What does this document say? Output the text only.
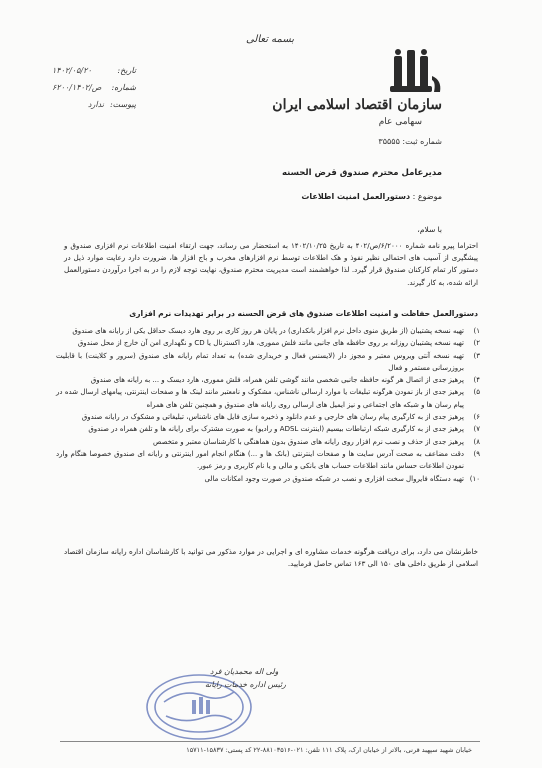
بسمه تعالی
سازمان اقتصاد اسلامی ایران
سهامی عام
شماره ثبت: ۳۵۵۵۵
تاریخ:
۱۴۰۲/۰۵/۲۰
شماره:
۶۲۰۰/ص/۱۴۰۲
پیوست:
ندارد
مدیرعامل محترم صندوق قرض الحسنه
موضوع : دستورالعمل امنیت اطلاعات
با سلام،
احتراما پیرو نامه شماره ۶/۲۰۰۰/ص/۴۰۲ به تاریخ ۱۴۰۲/۱۰/۲۵ به استحضار می رساند، جهت ارتقاء امنیت اطلاعات نرم افزاری صندوق و پیشگیری از آسیب های احتمالی نظیر نفوذ و هک اطلاعات توسط نرم افزارهای مخرب و باج افزار ها، ضرورت دارد رعایت موارد ذیل در دستور کار تمام کارکنان صندوق قرار گیرد. لذا خواهشمند است مدیریت محترم صندوق، نهایت توجه لازم را در به اجرا درآوردن دستورالعمل ارائه شده، به کار گیرند.
دستورالعمل حفاظت و امنیت اطلاعات صندوق های قرض الحسنه در برابر تهدیدات نرم افزاری
۱)
تهیه نسخه پشتیبان (از طریق منوی داخل نرم افزار بانکداری) در پایان هر روز کاری بر روی هارد دیسک حداقل یکی از رایانه های صندوق
۲)
تهیه نسخه پشتیبان روزانه بر روی حافظه های جانبی مانند فلش مموری، هارد اکسترنال یا CD و نگهداری امن آن خارج از محل صندوق
۳)
تهیه نسخه آنتی ویروس معتبر و مجوز دار (لایسنس فعال و خریداری شده) به تعداد تمام رایانه های صندوق (سرور و کلاینت) با قابلیت بروزرسانی مستمر و فعال
۴)
پرهیز جدی از اتصال هر گونه حافظه جانبی شخصی مانند گوشی تلفن همراه، فلش مموری، هارد دیسک و ... به رایانه های صندوق
۵)
پرهیز جدی از باز نمودن هرگونه تبلیغات یا موارد ارسالی ناشناس، مشکوک و نامعتبر مانند لینک ها و صفحات اینترنتی، پیامهای ارسال شده در پیام رسان ها و شبکه های اجتماعی و نیز ایمیل های ارسالی روی رایانه های صندوق و همچنین تلفن های همراه
۶)
پرهیز جدی از به کارگیری پیام رسان های خارجی و عدم دانلود و ذخیره سازی فایل های ناشناس، تبلیغاتی و مشکوک در رایانه صندوق
۷)
پرهیز جدی از به کارگیری شبکه ارتباطات بیسیم (اینترنت ADSL و رادیو) به صورت مشترک برای رایانه ها و تلفن همراه در صندوق
۸)
پرهیز جدی از حذف و نصب نرم افزار روی رایانه های صندوق بدون هماهنگی با کارشناسان معتبر و متخصص
۹)
دقت مضاعف به صحت آدرس سایت ها و صفحات اینترنتی (بانک ها و ...) هنگام انجام امور اینترنتی و رایانه ای صندوق خصوصا هنگام وارد نمودن اطلاعات حساس مانند اطلاعات حساب های بانکی و مالی و یا نام کاربری و رمز عبور.
۱۰)
تهیه دستگاه فایروال سخت افزاری و نصب در شبکه صندوق در صورت وجود امکانات مالی
خاطرنشان می دارد، برای دریافت هرگونه خدمات مشاوره ای و اجرایی در موارد مذکور می توانید با کارشناسان اداره رایانه سازمان اقتصاد اسلامی از طریق داخلی های ۱۵۰ الی ۱۶۳ تماس حاصل فرمایید.
ولی اله محمدیان فرد
رئیس اداره خدمات رایانه
خیابان شهید سپهبد قرنی، بالاتر از خیابان ارک، پلاک ۱۱۱ تلفن: ۰۲۱-۸۸۱۰۳۵۱۶-۲۲ کد پستی: ۱۵۸۳۷-۱۵۷۱۱
